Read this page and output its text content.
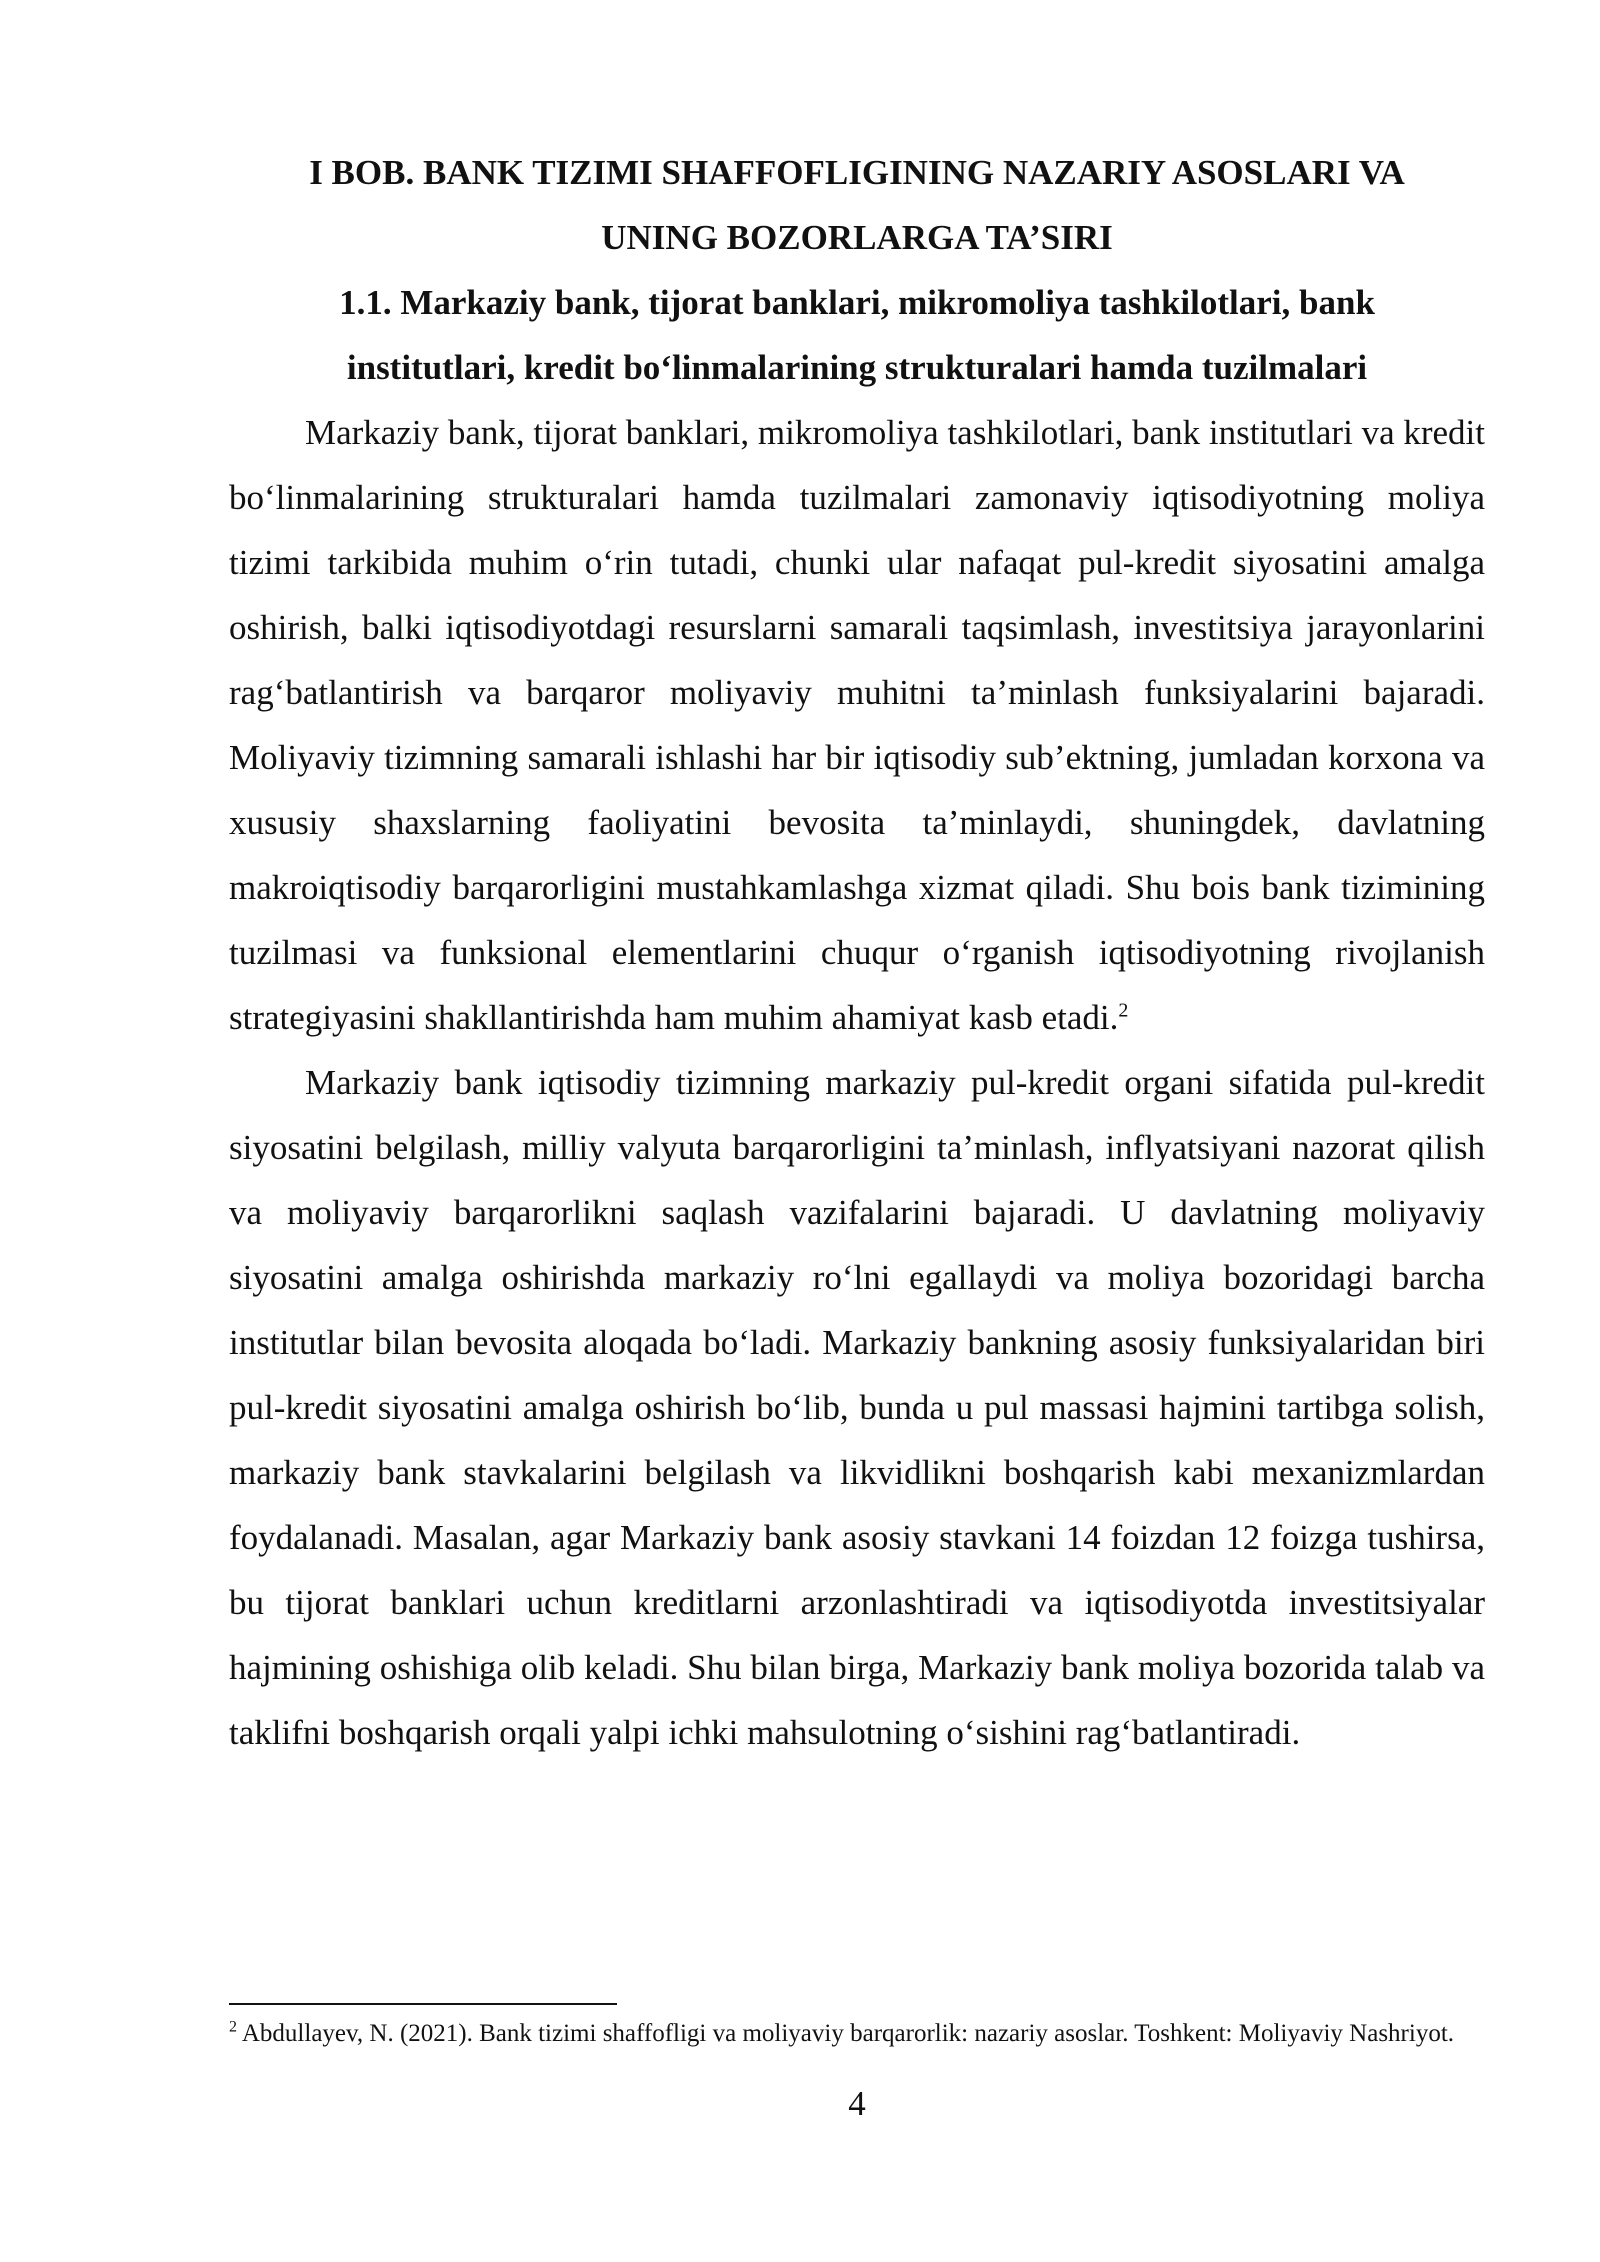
I BOB. BANK TIZIMI SHAFFOFLIGINING NAZARIY ASOSLARI VA
UNING BOZORLARGA TA’SIRI
1.1. Markaziy bank, tijorat banklari, mikromoliya tashkilotlari, bank
institutlari, kredit bo‘linmalarining strukturalari hamda tuzilmalari

Markaziy bank, tijorat banklari, mikromoliya tashkilotlari, bank institutlari va kredit bo‘linmalarining strukturalari hamda tuzilmalari zamonaviy iqtisodiyotning moliya tizimi tarkibida muhim o‘rin tutadi, chunki ular nafaqat pul-kredit siyosatini amalga oshirish, balki iqtisodiyotdagi resurslarni samarali taqsimlash, investitsiya jarayonlarini rag‘batlantirish va barqaror moliyaviy muhitni ta’minlash funksiyalarini bajaradi. Moliyaviy tizimning samarali ishlashi har bir iqtisodiy sub’ektning, jumladan korxona va xususiy shaxslarning faoliyatini bevosita ta’minlaydi, shuningdek, davlatning makroiqtisodiy barqarorligini mustahkamlashga xizmat qiladi. Shu bois bank tizimining tuzilmasi va funksional elementlarini chuqur o‘rganish iqtisodiyotning rivojlanish strategiyasini shakllantirishda ham muhim ahamiyat kasb etadi.$^2$

Markaziy bank iqtisodiy tizimning markaziy pul-kredit organi sifatida pul-kredit siyosatini belgilash, milliy valyuta barqarorligini ta’minlash, inflyatsiyani nazorat qilish va moliyaviy barqarorlikni saqlash vazifalarini bajaradi. U davlatning moliyaviy siyosatini amalga oshirishda markaziy ro‘lni egallaydi va moliya bozoridagi barcha institutlar bilan bevosita aloqada bo‘ladi. Markaziy bankning asosiy funksiyalaridan biri pul-kredit siyosatini amalga oshirish bo‘lib, bunda u pul massasi hajmini tartibga solish, markaziy bank stavkalarini belgilash va likvidlikni boshqarish kabi mexanizmlardan foydalanadi. Masalan, agar Markaziy bank asosiy stavkani 14 foizdan 12 foizga tushirsa, bu tijorat banklari uchun kreditlarni arzonlashtiradi va iqtisodiyotda investitsiyalar hajmining oshishiga olib keladi. Shu bilan birga, Markaziy bank moliya bozorida talab va taklifni boshqarish orqali yalpi ichki mahsulotning o‘sishini rag‘batlantiradi.

$^2$ Abdullayev, N. (2021). Bank tizimi shaffofligi va moliyaviy barqarorlik: nazariy asoslar. Toshkent: Moliyaviy Nashriyot.

4
